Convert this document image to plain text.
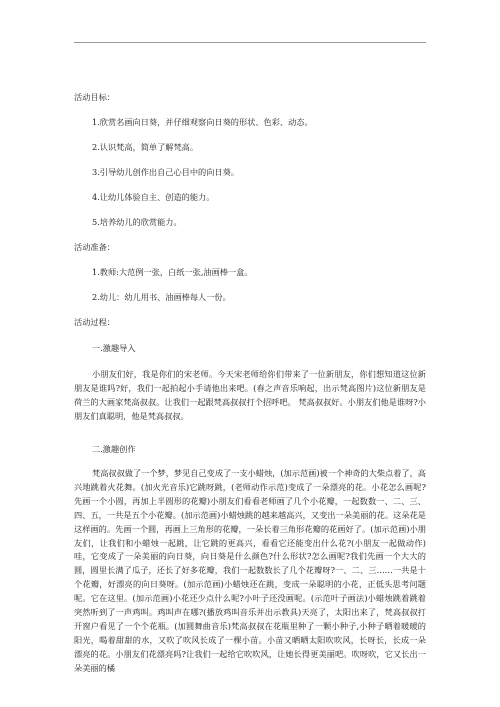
活动目标：
1.欣赏名画向日葵，并仔细观察向日葵的形状、色彩、动态。
2.认识梵高，简单了解梵高。
3.引导幼儿创作出自己心目中的向日葵。
4.让幼儿体验自主、创造的能力。
5.培养幼儿的欣赏能力。
活动准备：
1.教师:大范例一张，白纸一张,油画棒一盒。
2.幼儿：幼儿用书、油画棒每人一份。
活动过程：
一.激趣导入
小朋友们好，我是你们的宋老师。今天宋老师给你们带来了一位新朋友，你们想知道这位新朋友是谁吗?好，我们一起拍起小手请他出来吧。(春之声音乐响起，出示梵高图片)这位新朋友是荷兰的大画家梵高叔叔。让我们一起跟梵高叔叔打个招呼吧。 梵高叔叔好。小朋友们他是谁呀?小朋友们真聪明，他是梵高叔叔。
二.激趣创作
梵高叔叔做了一个梦，梦见自己变成了一支小蜡烛，(加示范画)被一个神奇的大柴点着了，高兴地跳着火花舞。(加火光音乐)它跳呀跳，(老师动作示范)变成了一朵漂亮的花。小花怎么画呢?先画一个小圆，再加上半圆形的花瓣)小朋友们看看老师画了几个小花瓣，一起数数一、二、三、四、五，一共是五个小花瓣。(加示范画)小蜡烛跳的越来越高兴，又变出一朵美丽的花。这朵花是这样画的。先画一个圆，再画上三角形的花瓣，一朵长着三角形花瓣的花画好了。(加示范画)小朋友们，让我们和小蜡烛一起跳，让它跳的更高兴，看看它还能变出什么花?(小朋友一起做动作)哇，它变成了一朵美丽的向日葵，向日葵是什么颜色?什么形状?怎么画呢?我们先画一个大大的圆，圆里长满了瓜子，还长了好多花瓣，我们一起数数长了几个花瓣呀?一、二、三……一共是十个花瓣，好漂亮的向日葵呀。(加示范画)小蜡烛还在跳，变成一朵聪明的小花，正低头思考问题呢。它在这里。(加示范画)小花还少点什么呢?小叶子还没画呢。(示范叶子画法)小蜡烛跳着跳着突然听到了一声鸡叫。鸡叫声在哪?(播放鸡叫音乐并出示教具)天亮了，太阳出来了，梵高叔叔打开窗户看见了一个个花瓶。(加圆舞曲音乐)梵高叔叔在花瓶里种了一颗小种子,小种子晒着暖暖的阳光，喝着甜甜的水，又吹了吹风长成了一棵小苗。小苗又晒晒太阳吹吹风，长呀长，长成一朵漂亮的花。小朋友们花漂亮吗?让我们一起给它吹吹风，让她长得更美丽吧。吹呀吹，它又长出一朵美丽的橘
